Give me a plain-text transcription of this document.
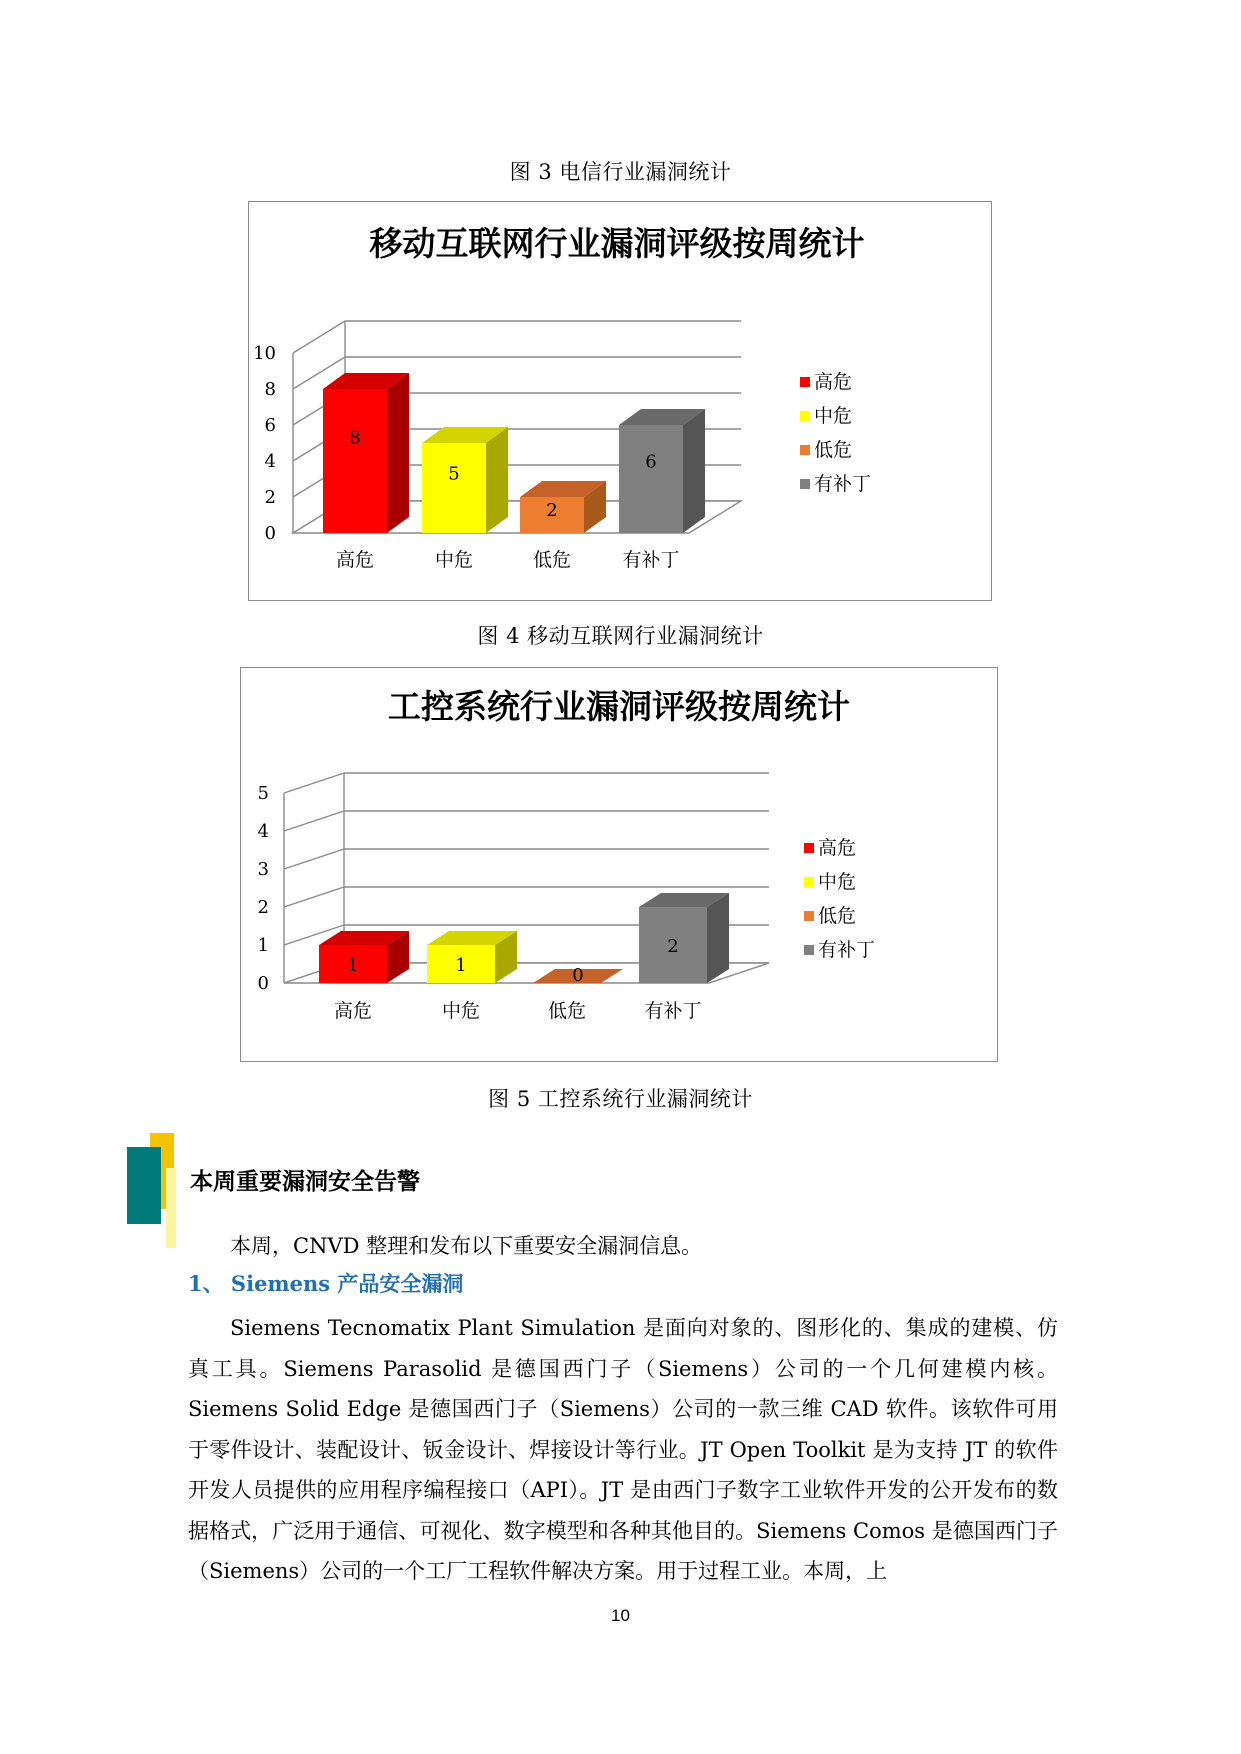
图 3 电信行业漏洞统计
移动互联网行业漏洞评级按周统计
0
2
4
6
8
10
8
高危
5
中危
2
低危
6
有补丁
高危
中危
低危
有补丁
图 4 移动互联网行业漏洞统计
工控系统行业漏洞评级按周统计
0
1
2
3
4
5
1
高危
1
中危
0
低危
2
有补丁
高危
中危
低危
有补丁
图 5 工控系统行业漏洞统计
本周重要漏洞安全告警
本周，CNVD 整理和发布以下重要安全漏洞信息。
1、 Siemens 产品安全漏洞
Siemens Tecnomatix Plant Simulation 是面向对象的、图形化的、集成的建模、仿真工具。Siemens Parasolid 是德国西门子（Siemens）公司的一个几何建模内核。Siemens Solid Edge 是德国西门子（Siemens）公司的一款三维 CAD 软件。该软件可用于零件设计、装配设计、钣金设计、焊接设计等行业。JT Open Toolkit 是为支持 JT 的软件开发人员提供的应用程序编程接口（API）。JT 是由西门子数字工业软件开发的公开发布的数据格式，广泛用于通信、可视化、数字模型和各种其他目的。Siemens Comos 是德国西门子（Siemens）公司的一个工厂工程软件解决方案。用于过程工业。本周，上
10
